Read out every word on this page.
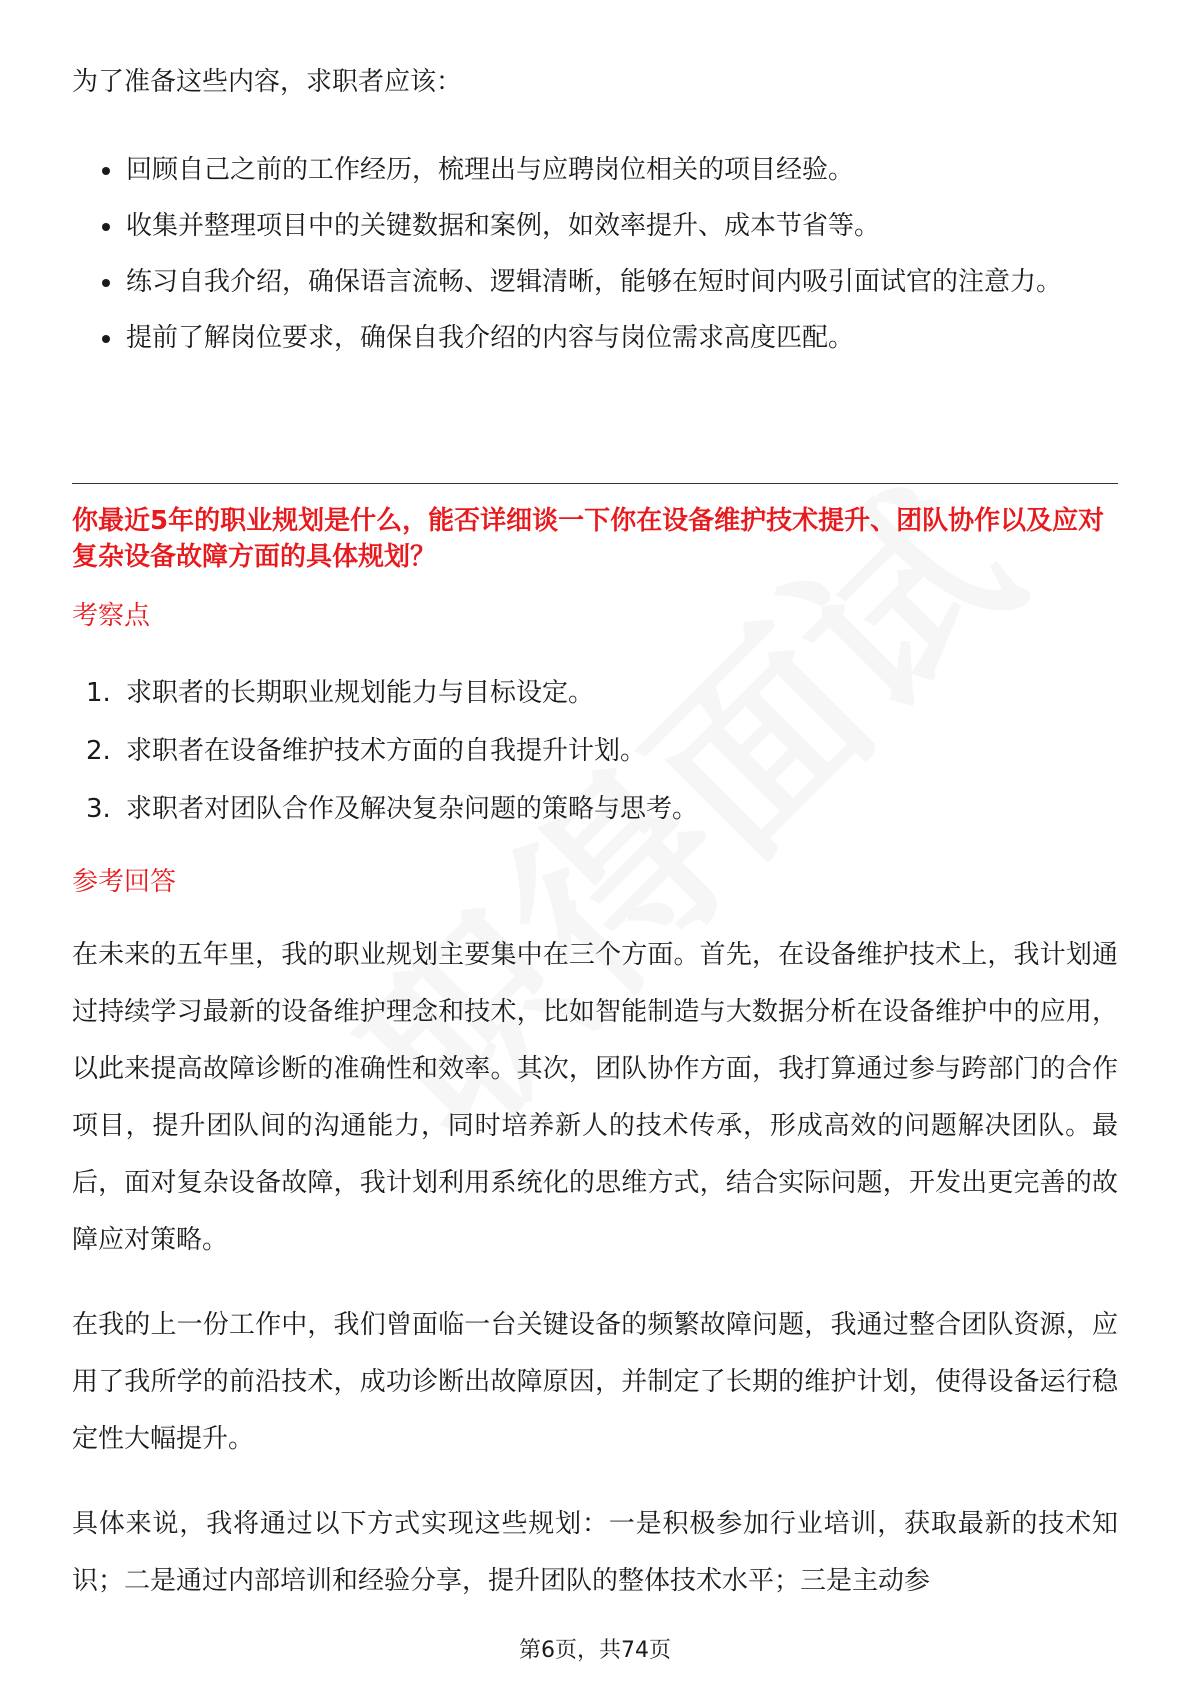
为了准备这些内容，求职者应该：

回顾自己之前的工作经历，梳理出与应聘岗位相关的项目经验。
收集并整理项目中的关键数据和案例，如效率提升、成本节省等。
练习自我介绍，确保语言流畅、逻辑清晰，能够在短时间内吸引面试官的注意力。
提前了解岗位要求，确保自我介绍的内容与岗位需求高度匹配。
你最近5年的职业规划是什么，能否详细谈一下你在设备维护技术提升、团队协作以及应对复杂设备故障方面的具体规划？
考察点
1. 求职者的长期职业规划能力与目标设定。
2. 求职者在设备维护技术方面的自我提升计划。
3. 求职者对团队合作及解决复杂问题的策略与思考。
参考回答

在未来的五年里，我的职业规划主要集中在三个方面。首先，在设备维护技术上，我计划通过持续学习最新的设备维护理念和技术，比如智能制造与大数据分析在设备维护中的应用，以此来提高故障诊断的准确性和效率。其次，团队协作方面，我打算通过参与跨部门的合作项目，提升团队间的沟通能力，同时培养新人的技术传承，形成高效的问题解决团队。最后，面对复杂设备故障，我计划利用系统化的思维方式，结合实际问题，开发出更完善的故障应对策略。

在我的上一份工作中，我们曾面临一台关键设备的频繁故障问题，我通过整合团队资源，应用了我所学的前沿技术，成功诊断出故障原因，并制定了长期的维护计划，使得设备运行稳定性大幅提升。

具体来说，我将通过以下方式实现这些规划：一是积极参加行业培训，获取最新的技术知识；二是通过内部培训和经验分享，提升团队的整体技术水平；三是主动参

第6页，共74页
